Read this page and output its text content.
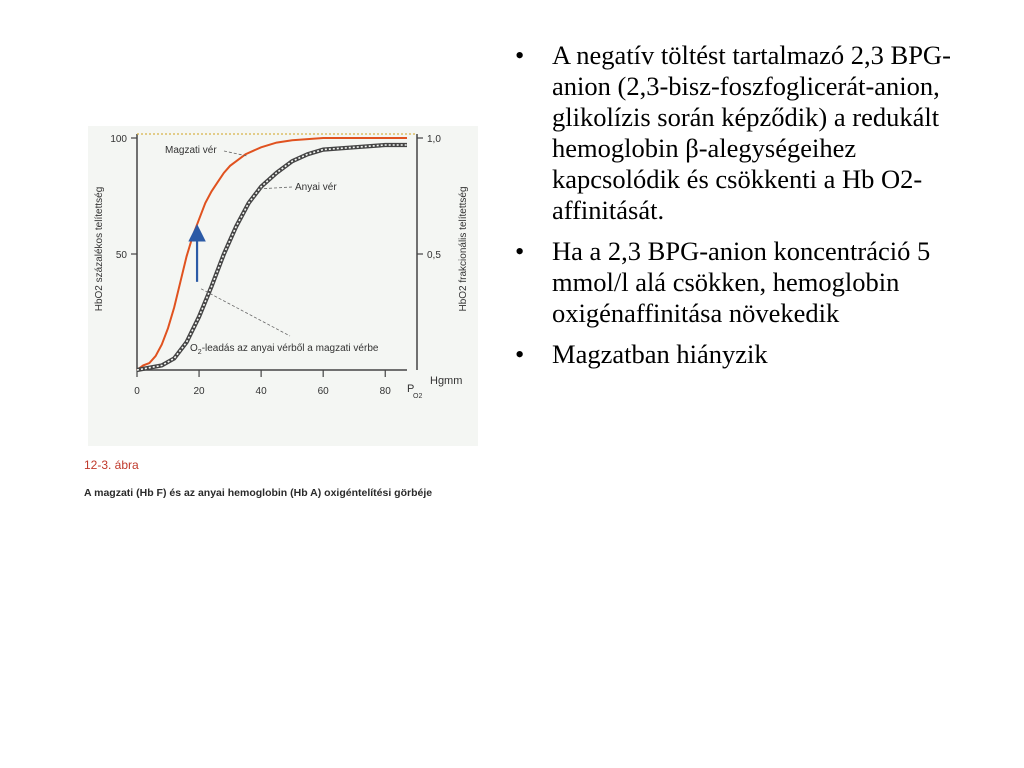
100	1,0
50	0,5
0	20	40	60	80 P
O2
Hgmm
HbO2 százalékos telítettség	HbO2 frakcionális telítettség
Magzati vér
Anyai vér
$O_2$-leadás az anyai vérből a magzati vérbe
12-3. ábra
A magzati (Hb F) és az anyai hemoglobin (Hb A) oxigéntelítési görbéje
• A negatív töltést tartalmazó 2,3 BPG-anion (2,3-bisz-foszfoglicerát-anion, glikolízis során képződik) a redukált hemoglobin β-alegységeihez kapcsolódik és csökkenti a Hb O2-affinitását.
• Ha a 2,3 BPG-anion koncentráció 5 mmol/l alá csökken, hemoglobin oxigénaffinitása növekedik
• Magzatban hiányzik
